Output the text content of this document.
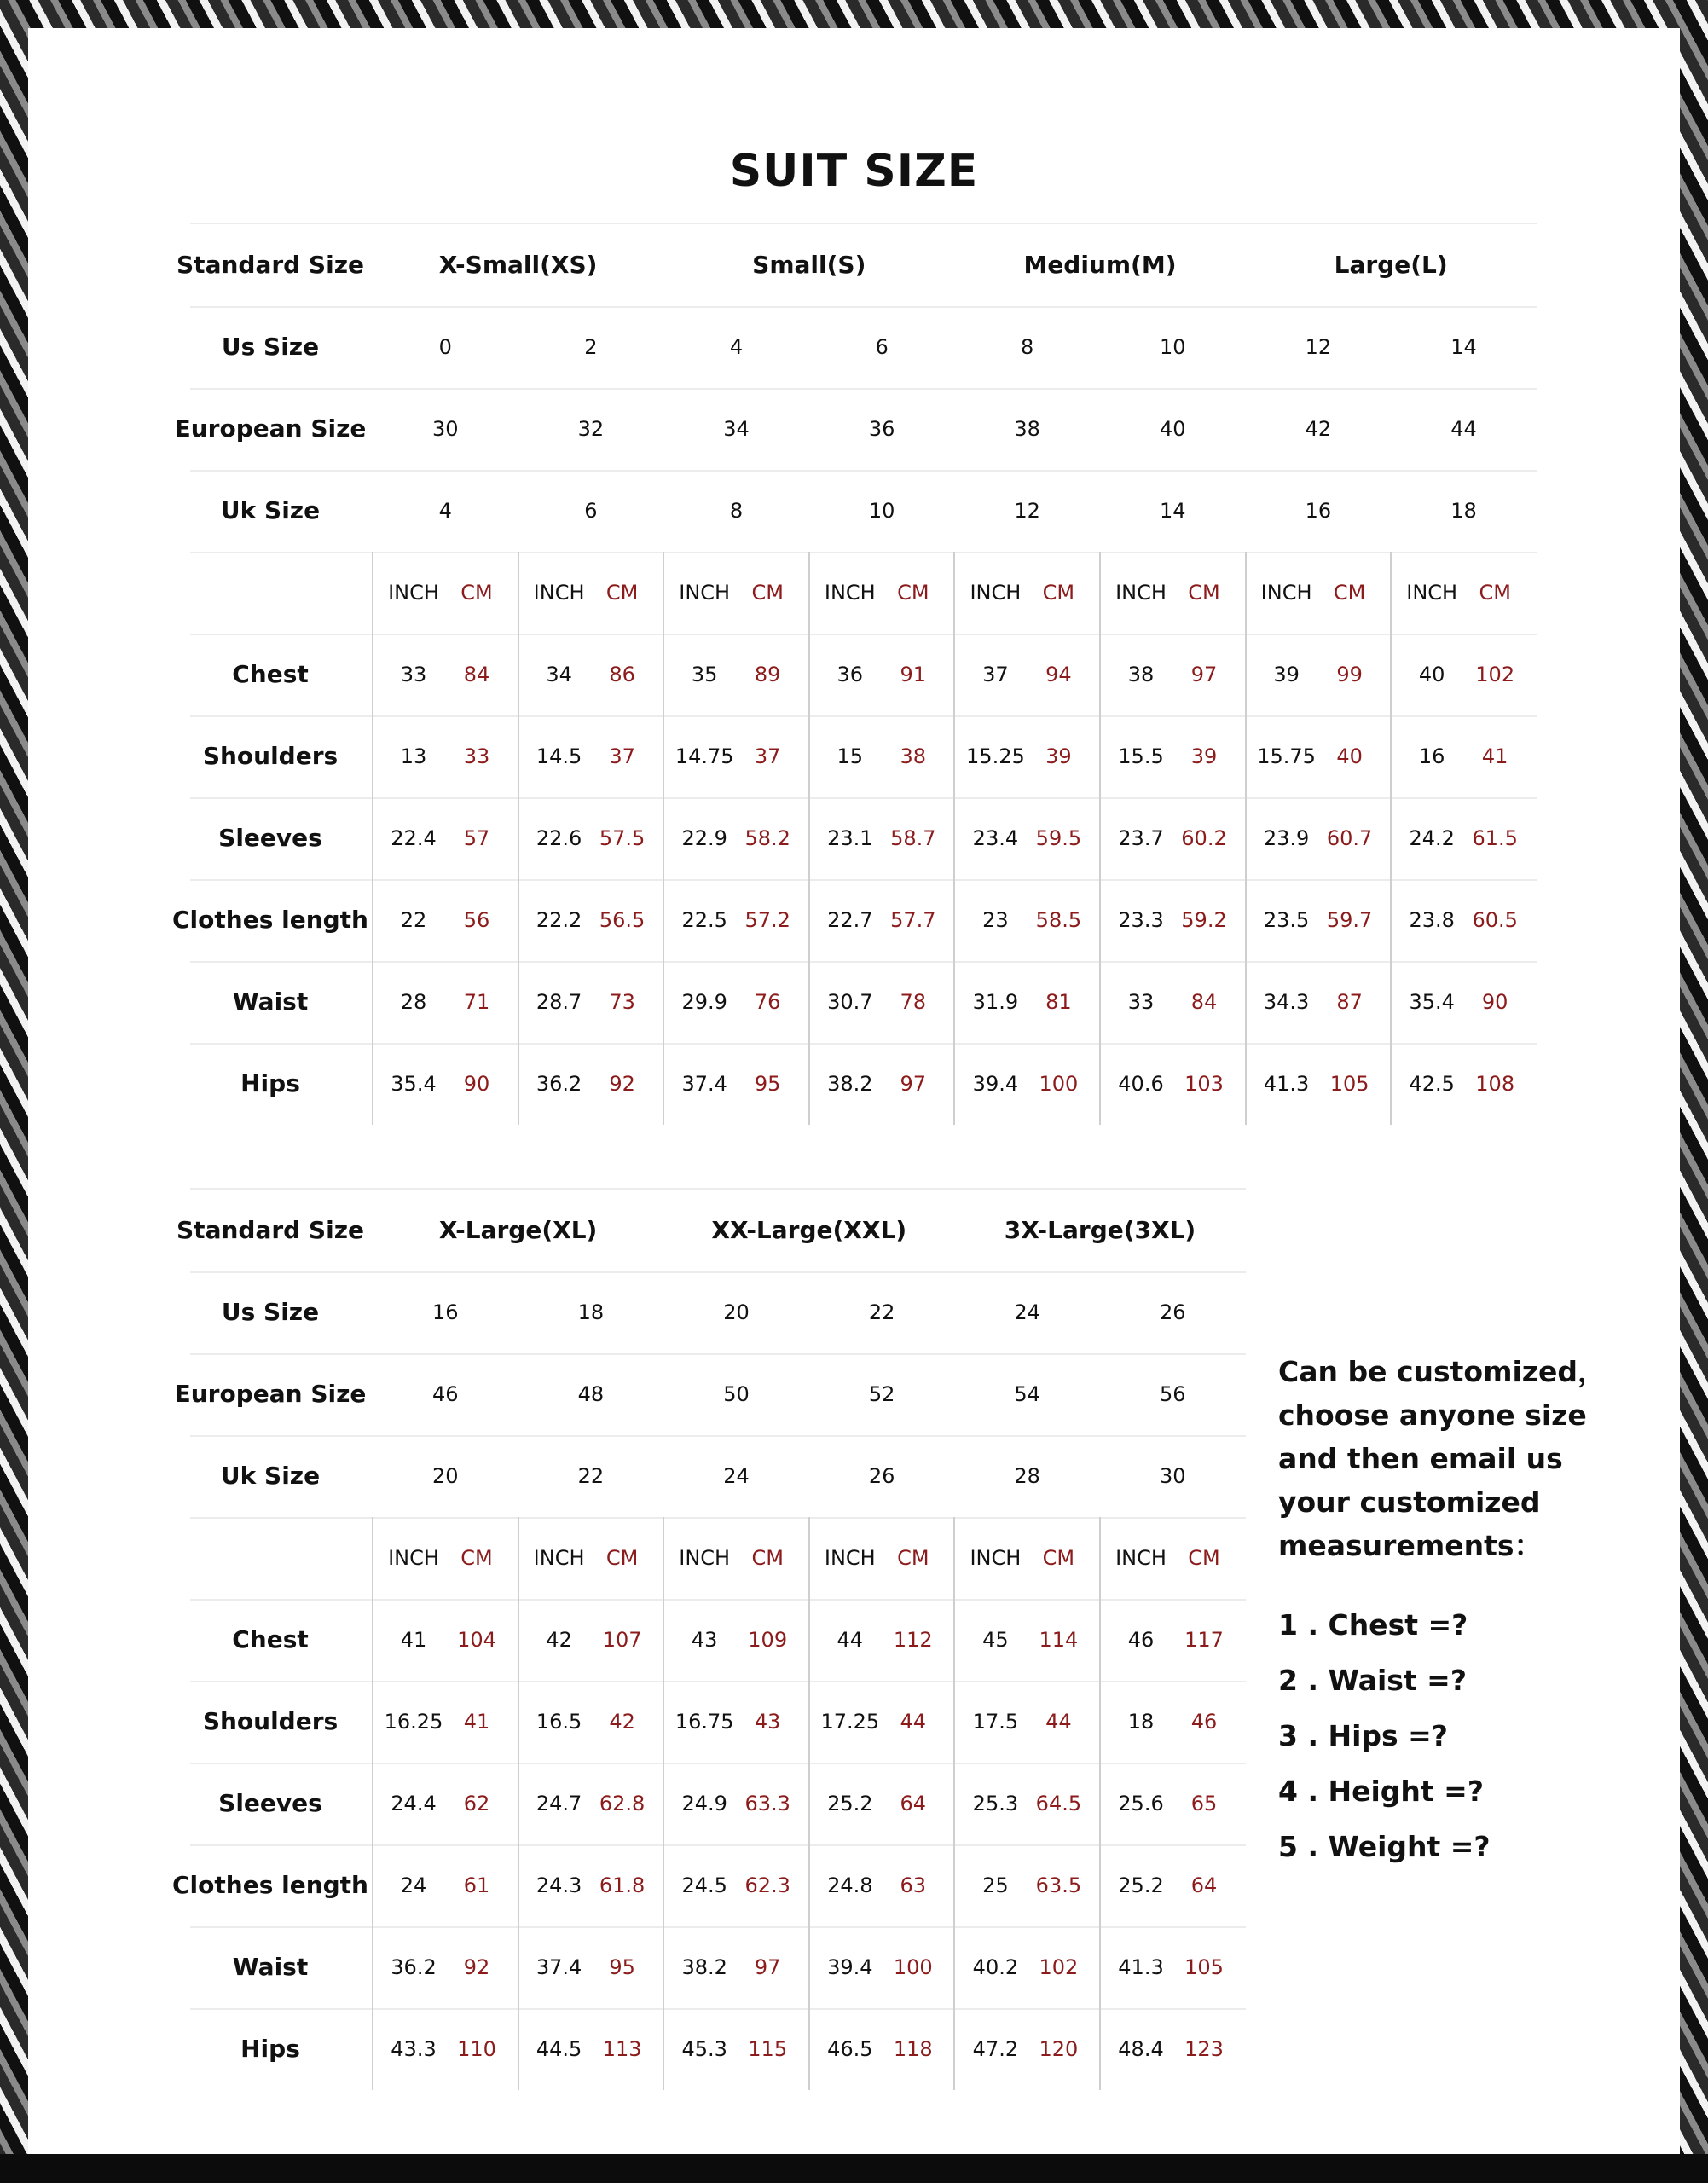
SUIT SIZE
Standard Size	X-Small(XS)	Small(S)	Medium(M)	Large(L)
Us Size	0	2	4	6	8	10	12	14
European Size	30	32	34	36	38	40	42	44
Uk Size	4	6	8	10	12	14	16	18
INCH	CM	INCH	CM	INCH	CM	INCH	CM	INCH	CM	INCH	CM	INCH	CM	INCH	CM
Chest	33	84	34	86	35	89	36	91	37	94	38	97	39	99	40	102
Shoulders	13	33	14.5	37	14.75	37	15	38	15.25	39	15.5	39	15.75	40	16	41
Sleeves	22.4	57	22.6 57.5	22.9 58.2	23.1 58.7	23.4 59.5	23.7 60.2	23.9 60.7	24.2 61.5
Clothes length	22	56	22.2 56.5	22.5 57.2	22.7 57.7	23	58.5	23.3 59.2	23.5 59.7	23.8 60.5
Waist	28	71	28.7	73	29.9	76	30.7	78	31.9	81	33	84	34.3	87	35.4	90
Hips	35.4	90	36.2	92	37.4	95	38.2	97	39.4	100	40.6	103	41.3	105	42.5	108
Standard Size	X-Large(XL)	XX-Large(XXL)	3X-Large(3XL)
Us Size	16	18	20	22	24	26
European Size	46	48	50	52	54	56
Uk Size	20	22	24	26	28	30
INCH	CM	INCH	CM	INCH	CM	INCH	CM	INCH	CM	INCH	CM
Chest	41	104	42	107	43	109	44	112	45	114	46	117
Shoulders	16.25	41	16.5	42	16.75	43	17.25	44	17.5	44	18	46
Sleeves	24.4	62	24.7 62.8	24.9 63.3	25.2	64	25.3 64.5	25.6	65
Clothes length	24	61	24.3 61.8	24.5 62.3	24.8	63	25	63.5	25.2	64
Waist	36.2	92	37.4	95	38.2	97	39.4	100	40.2	102	41.3	105
Hips	43.3	110	44.5	113	45.3	115	46.5	118	47.2	120	48.4	123
Can be customized，choose anyone size and then email us your customized measurements：
1 . Chest =?
2 . Waist =?
3 . Hips =?
4 . Height =?
5 . Weight =?
